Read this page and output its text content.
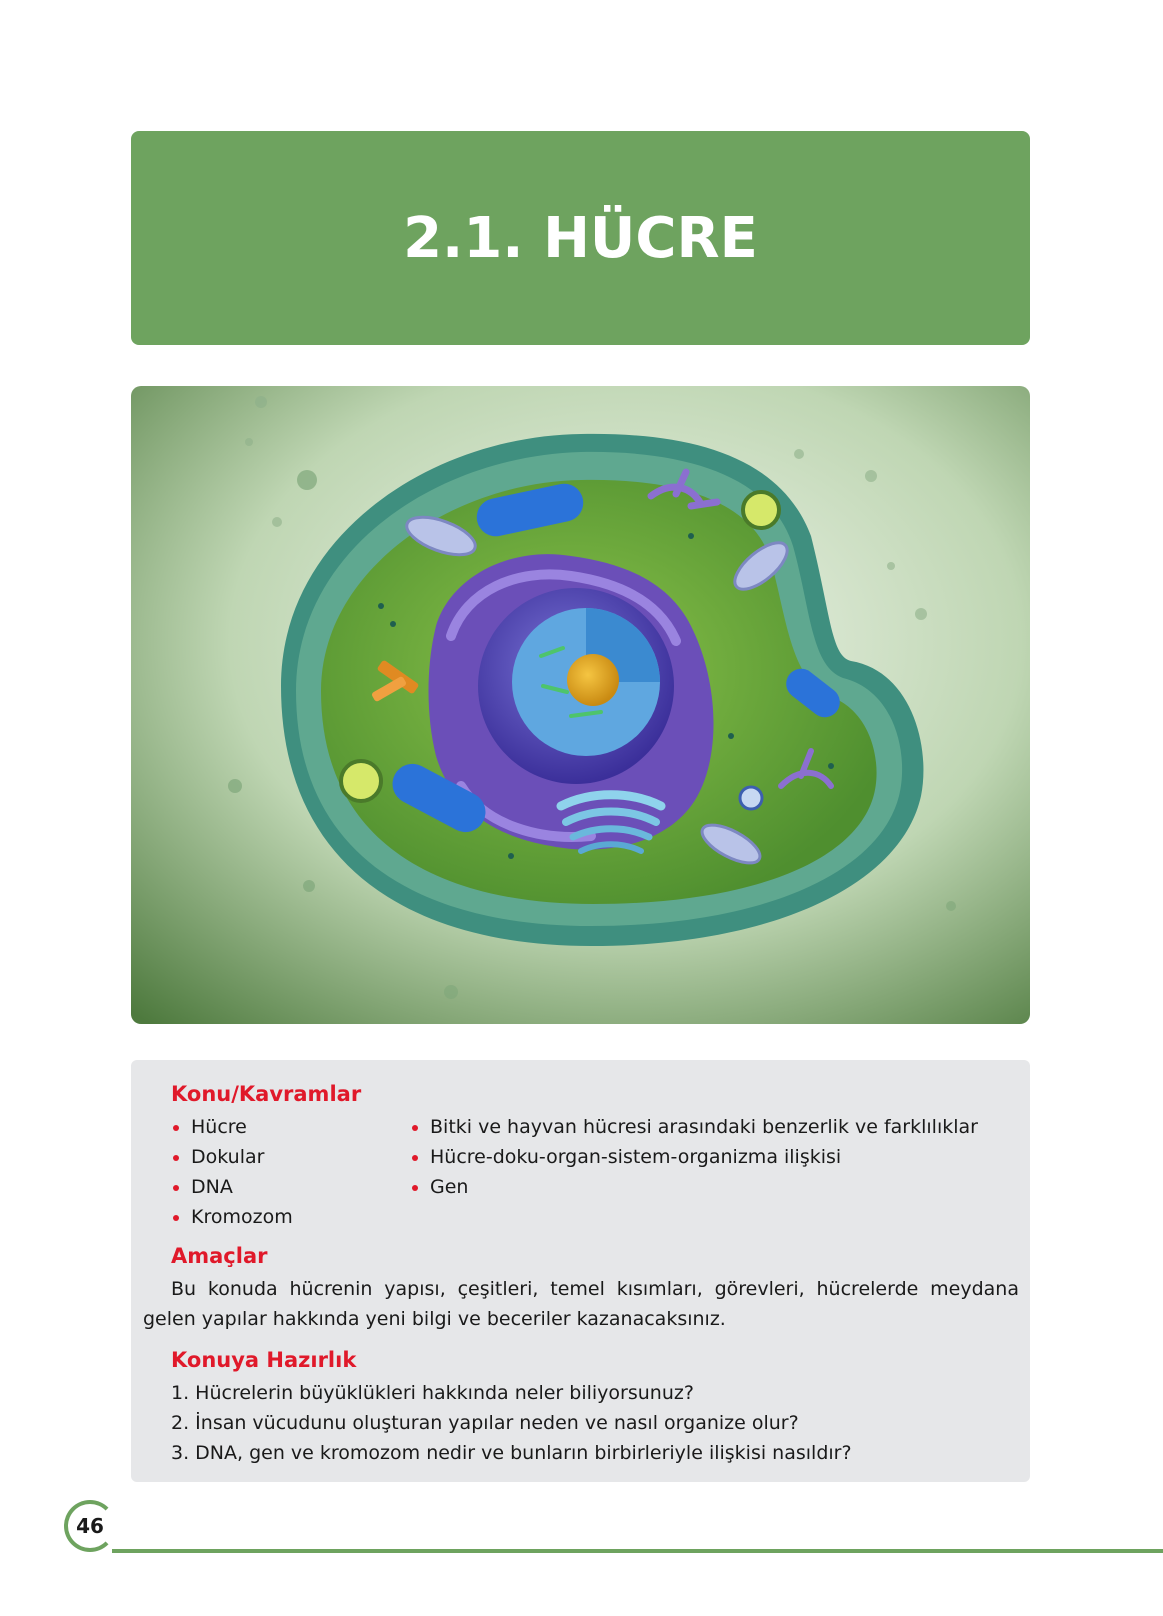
2.1. HÜCRE
Konu/Kavramlar
Hücre
Dokular
DNA
Kromozom
Bitki ve hayvan hücresi arasındaki benzerlik ve farklılıklar
Hücre-doku-organ-sistem-organizma ilişkisi
Gen
Amaçlar

Bu konuda hücrenin yapısı, çeşitleri, temel kısımları, görevleri, hücrelerde meydana gelen yapılar hakkında yeni bilgi ve beceriler kazanacaksınız.

Konuya Hazırlık
1. Hücrelerin büyüklükleri hakkında neler biliyorsunuz?
2. İnsan vücudunu oluşturan yapılar neden ve nasıl organize olur?
3. DNA, gen ve kromozom nedir ve bunların birbirleriyle ilişkisi nasıldır?
46
